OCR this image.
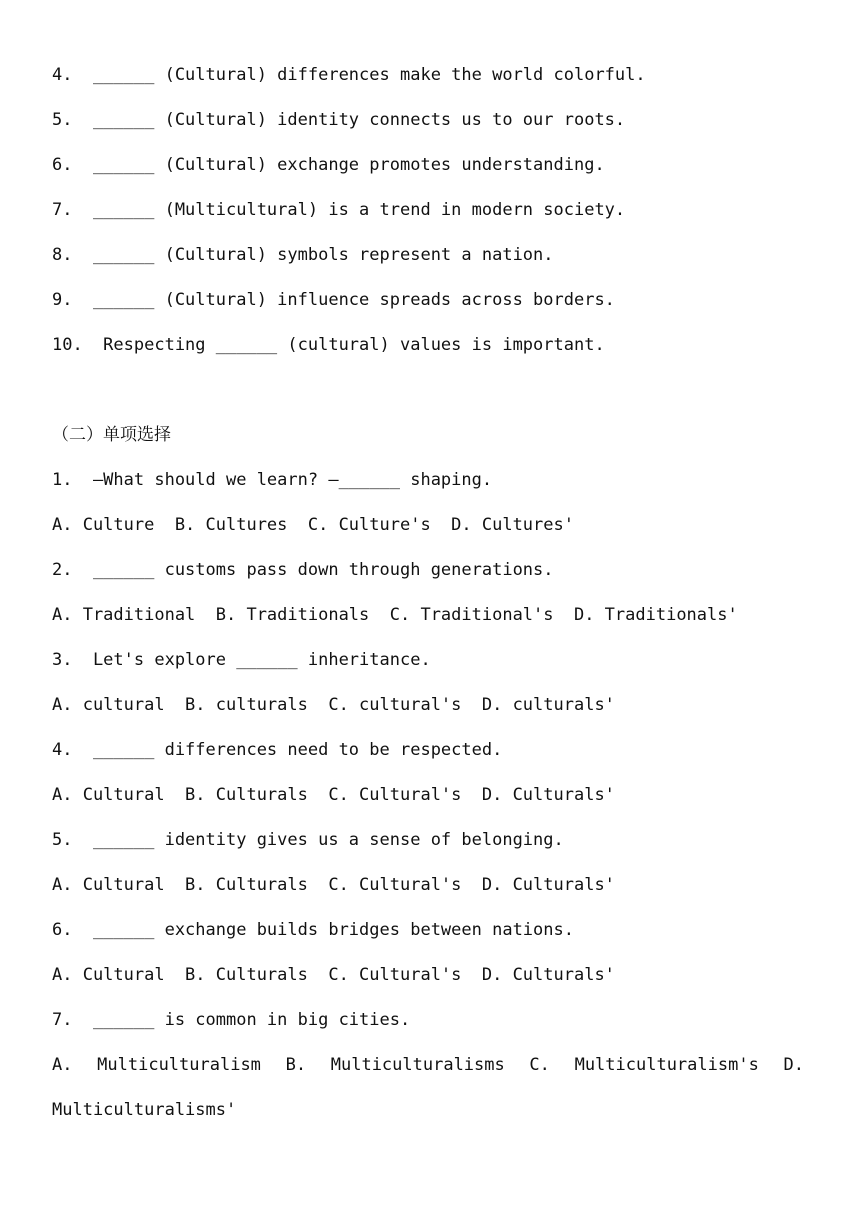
4.  ______ (Cultural) differences make the world colorful.

5.  ______ (Cultural) identity connects us to our roots.

6.  ______ (Cultural) exchange promotes understanding.

7.  ______ (Multicultural) is a trend in modern society.

8.  ______ (Cultural) symbols represent a nation.

9.  ______ (Cultural) influence spreads across borders.

10.  Respecting ______ (cultural) values is important.

（二）单项选择

1.  —What should we learn? —______ shaping.

A. Culture  B. Cultures  C. Culture's  D. Cultures'

2.  ______ customs pass down through generations.

A. Traditional  B. Traditionals  C. Traditional's  D. Traditionals'

3.  Let's explore ______ inheritance.

A. cultural  B. culturals  C. cultural's  D. culturals'

4.  ______ differences need to be respected.

A. Cultural  B. Culturals  C. Cultural's  D. Culturals'

5.  ______ identity gives us a sense of belonging.

A. Cultural  B. Culturals  C. Cultural's  D. Culturals'

6.  ______ exchange builds bridges between nations.

A. Cultural  B. Culturals  C. Cultural's  D. Culturals'

7.  ______ is common in big cities.

A. Multiculturalism B. Multiculturalisms C. Multiculturalism's D.

Multiculturalisms'
